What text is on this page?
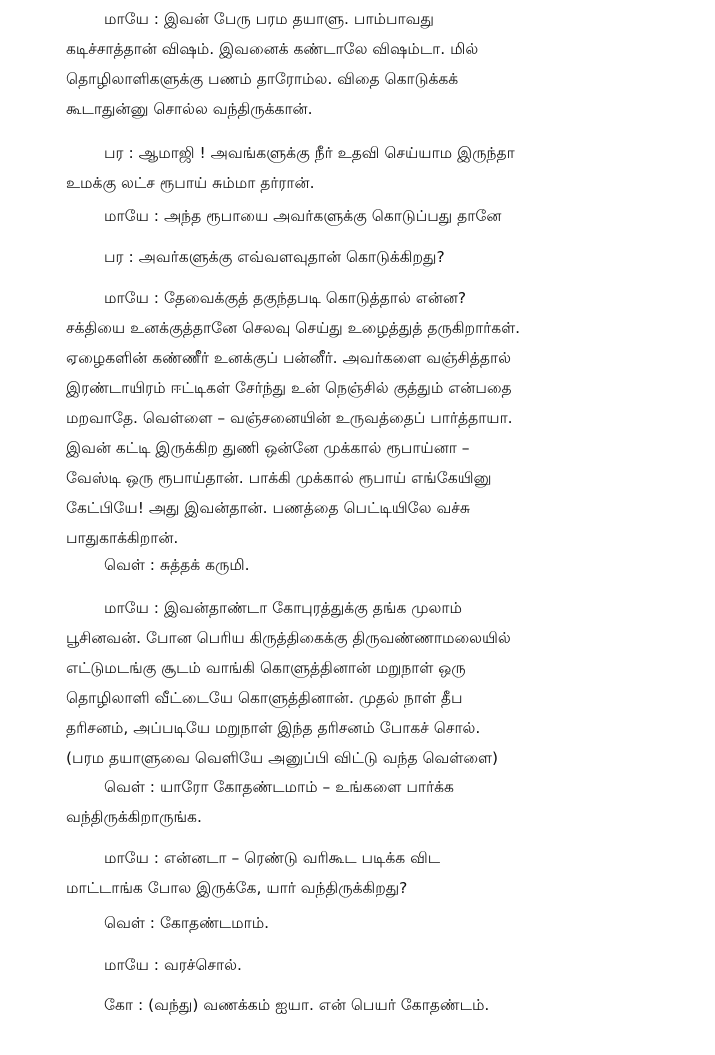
மாயே : இவன் பேரு பரம தயாளு. பாம்பாவது
கடிச்சாத்தான் விஷம். இவனைக் கண்டாலே விஷம்டா. மில்
தொழிலாளிகளுக்கு பணம் தாரோம்ல. விதை கொடுக்கக்
கூடாதுன்னு சொல்ல வந்திருக்கான்.
பர : ஆமாஜி ! அவங்களுக்கு நீர் உதவி செய்யாம இருந்தா
உமக்கு லட்ச ரூபாய் சும்மா தர்ரான்.
மாயே : அந்த ரூபாயை அவர்களுக்கு கொடுப்பது தானே
பர : அவர்களுக்கு எவ்வளவுதான் கொடுக்கிறது?
மாயே : தேவைக்குத் தகுந்தபடி கொடுத்தால் என்ன?
சக்தியை உனக்குத்தானே செலவு செய்து உழைத்துத் தருகிறார்கள்.
ஏழைகளின் கண்ணீர் உனக்குப் பன்னீர். அவர்களை வஞ்சித்தால்
இரண்டாயிரம் ஈட்டிகள் சேர்ந்து உன் நெஞ்சில் குத்தும் என்பதை
மறவாதே. வெள்ளை – வஞ்சனையின் உருவத்தைப் பார்த்தாயா.
இவன் கட்டி இருக்கிற துணி ஒன்னே முக்கால் ரூபாய்னா –
வேஸ்டி ஒரு ரூபாய்தான். பாக்கி முக்கால் ரூபாய் எங்கேயினு
கேட்பியே! அது இவன்தான். பணத்தை பெட்டியிலே வச்சு
பாதுகாக்கிறான்.
வெள் : சுத்தக் கருமி.
மாயே : இவன்தாண்டா கோபுரத்துக்கு தங்க முலாம்
பூசினவன். போன பெரிய கிருத்திகைக்கு திருவண்ணாமலையில்
எட்டுமடங்கு சூடம் வாங்கி கொளுத்தினான் மறுநாள் ஒரு
தொழிலாளி வீட்டையே கொளுத்தினான். முதல் நாள் தீப
தரிசனம், அப்படியே மறுநாள் இந்த தரிசனம் போகச் சொல்.
(பரம தயாளுவை வெளியே அனுப்பி விட்டு வந்த வெள்ளை)
வெள் : யாரோ கோதண்டமாம் – உங்களை பார்க்க
வந்திருக்கிறாருங்க.
மாயே : என்னடா – ரெண்டு வரிகூட படிக்க விட
மாட்டாங்க போல இருக்கே, யார் வந்திருக்கிறது?
வெள் : கோதண்டமாம்.
மாயே : வரச்சொல்.
கோ : (வந்து) வணக்கம் ஐயா. என் பெயர் கோதண்டம்.
